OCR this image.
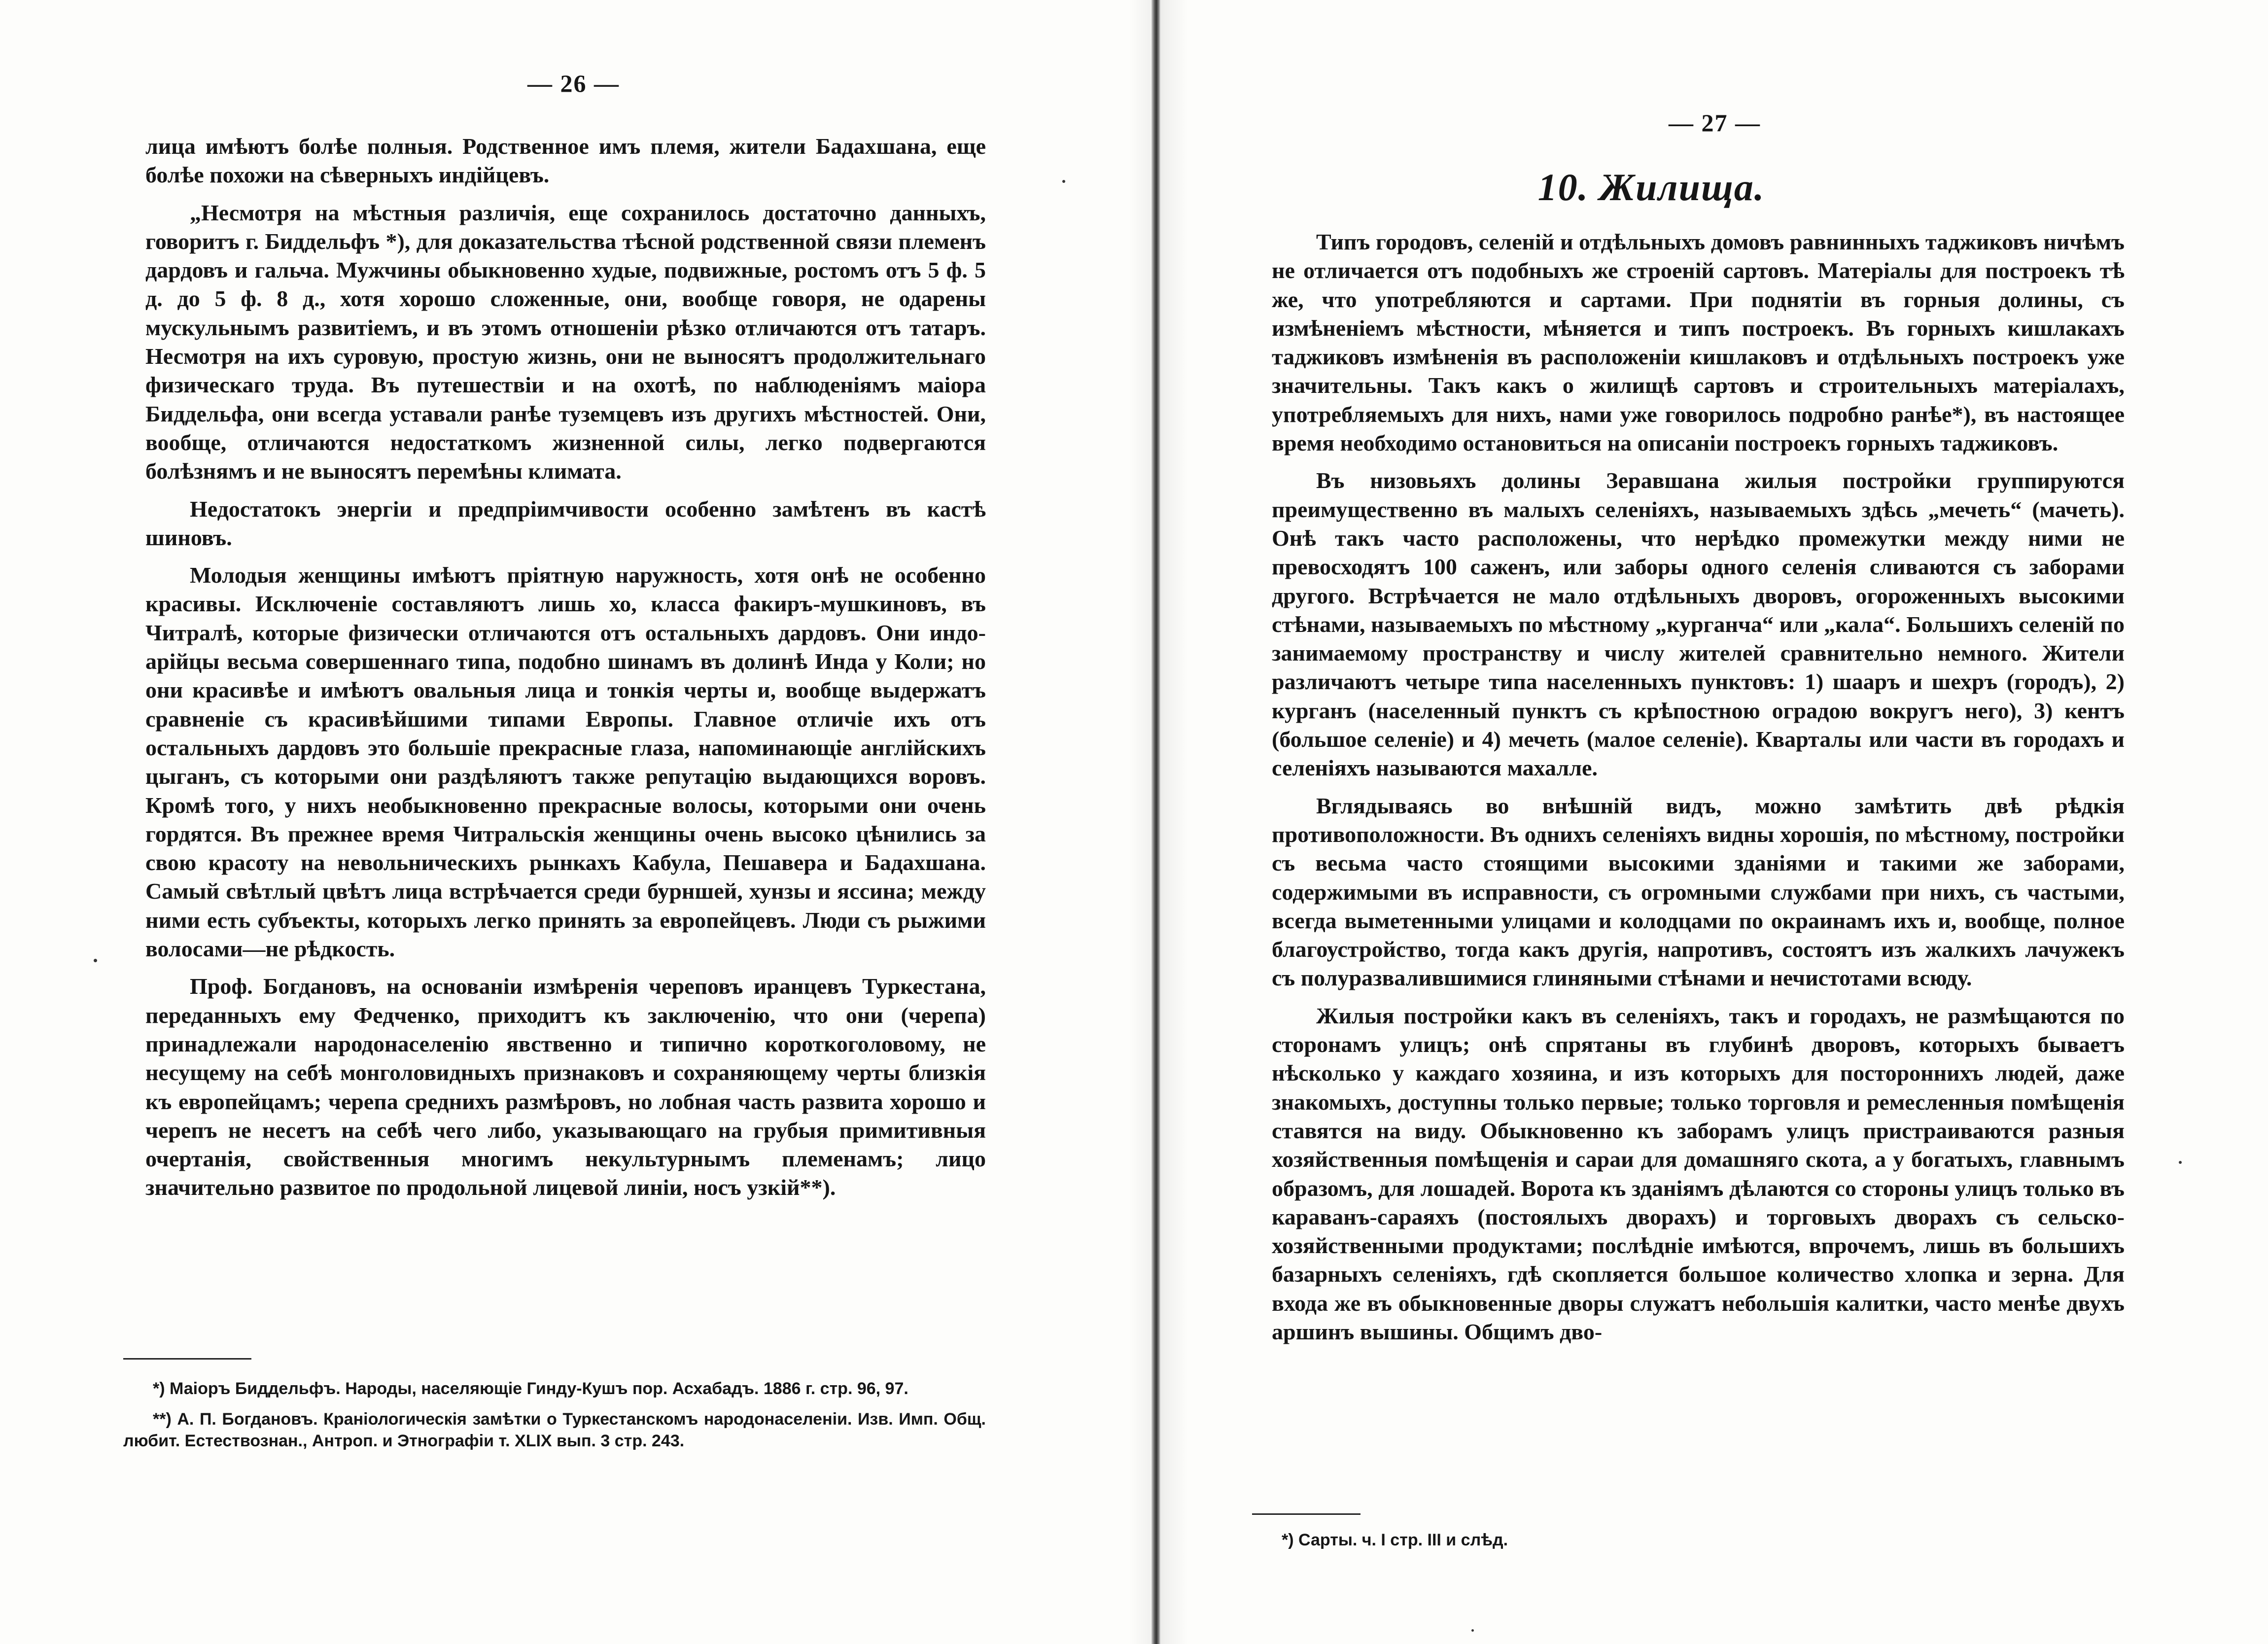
— 26 —

лица имѣютъ болѣе полныя. Родственное имъ племя, жители Бадахшана, еще болѣе похожи на сѣверныхъ индійцевъ.

„Несмотря на мѣстныя различія, еще сохранилось достаточно данныхъ, говоритъ г. Биддельфъ *), для доказательства тѣсной родственной связи племенъ дардовъ и гальча. Мужчины обыкновенно худые, подвижные, ростомъ отъ 5 ф. 5 д. до 5 ф. 8 д., хотя хорошо сложенные, они, вообще говоря, не одарены мускульнымъ развитіемъ, и въ этомъ отношеніи рѣзко отличаются отъ татаръ. Несмотря на ихъ суровую, простую жизнь, они не выносятъ продолжительнаго физическаго труда. Въ путешествіи и на охотѣ, по наблюденіямъ маіора Биддельфа, они всегда уставали ранѣе туземцевъ изъ другихъ мѣстностей. Они, вообще, отличаются недостаткомъ жизненной силы, легко подвергаются болѣзнямъ и не выносятъ перемѣны климата.

Недостатокъ энергіи и предпріимчивости особенно замѣтенъ въ кастѣ шиновъ.

Молодыя женщины имѣютъ пріятную наружность, хотя онѣ не особенно красивы. Исключеніе составляютъ лишь хо, класса факиръ-мушкиновъ, въ Читралѣ, которые физически отличаются отъ остальныхъ дардовъ. Они индо-арійцы весьма совершеннаго типа, подобно шинамъ въ долинѣ Инда у Коли; но они красивѣе и имѣютъ овальныя лица и тонкія черты и, вообще выдержатъ сравненіе съ красивѣйшими типами Европы. Главное отличіе ихъ отъ остальныхъ дардовъ это большіе прекрасные глаза, напоминающіе англійскихъ цыганъ, съ которыми они раздѣляютъ также репутацію выдающихся воровъ. Кромѣ того, у нихъ необыкновенно прекрасные волосы, которыми они очень гордятся. Въ прежнее время Читральскія женщины очень высоко цѣнились за свою красоту на невольническихъ рынкахъ Кабула, Пешавера и Бадахшана. Самый свѣтлый цвѣтъ лица встрѣчается среди бурншей, хунзы и яссина; между ними есть субъекты, которыхъ легко принять за европейцевъ. Люди съ рыжими волосами—не рѣдкость.

Проф. Богдановъ, на основаніи измѣренія череповъ иранцевъ Туркестана, переданныхъ ему Федченко, приходитъ къ заключенію, что они (черепа) принадлежали народонаселенію явственно и типично короткоголовому, не несущему на себѣ монголовидныхъ признаковъ и сохраняющему черты близкія къ европейцамъ; черепа среднихъ размѣровъ, но лобная часть развита хорошо и черепъ не несетъ на себѣ чего либо, указывающаго на грубыя примитивныя очертанія, свойственныя многимъ некультурнымъ племенамъ; лицо значительно развитое по продольной лицевой линіи, носъ узкій**).

*) Маіоръ Биддельфъ. Народы, населяющіе Гинду-Кушъ пор. Асхабадъ. 1886 г. стр. 96, 97.

**) А. П. Богдановъ. Краніологическія замѣтки о Туркестанскомъ народонаселеніи. Изв. Имп. Общ. любит. Естествознан., Антроп. и Этнографіи т. XLIX вып. 3 стр. 243.

— 27 —
10. Жилища.

Типъ городовъ, селеній и отдѣльныхъ домовъ равнинныхъ таджиковъ ничѣмъ не отличается отъ подобныхъ же строеній сартовъ. Матеріалы для построекъ тѣ же, что употребляются и сартами. При поднятіи въ горныя долины, съ измѣненіемъ мѣстности, мѣняется и типъ построекъ. Въ горныхъ кишлакахъ таджиковъ измѣненія въ расположеніи кишлаковъ и отдѣльныхъ построекъ уже значительны. Такъ какъ о жилищѣ сартовъ и строительныхъ матеріалахъ, употребляемыхъ для нихъ, нами уже говорилось подробно ранѣе*), въ настоящее время необходимо остановиться на описаніи построекъ горныхъ таджиковъ.

Въ низовьяхъ долины Зеравшана жилыя постройки группируются преимущественно въ малыхъ селеніяхъ, называемыхъ здѣсь „мечеть“ (мачеть). Онѣ такъ часто расположены, что нерѣдко промежутки между ними не превосходятъ 100 саженъ, или заборы одного селенія сливаются съ заборами другого. Встрѣчается не мало отдѣльныхъ дворовъ, огороженныхъ высокими стѣнами, называемыхъ по мѣстному „курганча“ или „кала“. Большихъ селеній по занимаемому пространству и числу жителей сравнительно немного. Жители различаютъ четыре типа населенныхъ пунктовъ: 1) шааръ и шехръ (городъ), 2) курганъ (населенный пунктъ съ крѣпостною оградою вокругъ него), 3) кентъ (большое селеніе) и 4) мечеть (малое селеніе). Кварталы или части въ городахъ и селеніяхъ называются махалле.

Вглядываясь во внѣшній видъ, можно замѣтить двѣ рѣдкія противоположности. Въ однихъ селеніяхъ видны хорошія, по мѣстному, постройки съ весьма часто стоящими высокими зданіями и такими же заборами, содержимыми въ исправности, съ огромными службами при нихъ, съ частыми, всегда выметенными улицами и колодцами по окраинамъ ихъ и, вообще, полное благоустройство, тогда какъ другія, напротивъ, состоятъ изъ жалкихъ лачужекъ съ полуразвалившимися глиняными стѣнами и нечистотами всюду.

Жилыя постройки какъ въ селеніяхъ, такъ и городахъ, не размѣщаются по сторонамъ улицъ; онѣ спрятаны въ глубинѣ дворовъ, которыхъ бываетъ нѣсколько у каждаго хозяина, и изъ которыхъ для постороннихъ людей, даже знакомыхъ, доступны только первые; только торговля и ремесленныя помѣщенія ставятся на виду. Обыкновенно къ заборамъ улицъ пристраиваются разныя хозяйственныя помѣщенія и сараи для домашняго скота, а у богатыхъ, главнымъ образомъ, для лошадей. Ворота къ зданіямъ дѣлаются со стороны улицъ только въ караванъ-сараяхъ (постоялыхъ дворахъ) и торговыхъ дворахъ съ сельско-хозяйственными продуктами; послѣдніе имѣются, впрочемъ, лишь въ большихъ базарныхъ селеніяхъ, гдѣ скопляется большое количество хлопка и зерна. Для входа же въ обыкновенные дворы служатъ небольшія калитки, часто менѣе двухъ аршинъ вышины. Общимъ дво-

*) Сарты. ч. I стр. III и слѣд.
